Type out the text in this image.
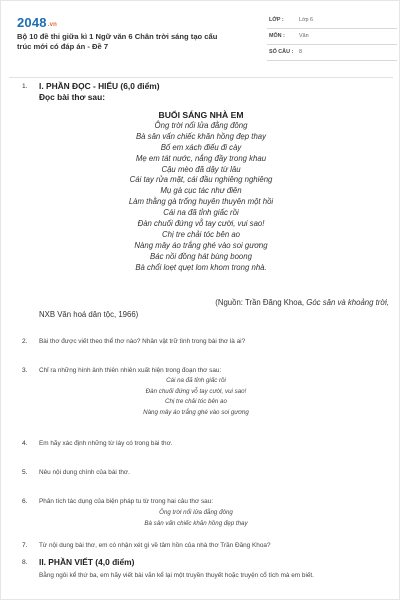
2048.vn
Bộ 10 đề thi giữa kì 1 Ngữ văn 6 Chân trời sáng tạo cấu trúc mới có đáp án - Đề 7
LỚP :	Lớp 6
MÔN :	Văn
SỐ CÂU : 8
1. I. PHẦN ĐỌC - HIỂU (6,0 điểm)
Đọc bài thơ sau:
BUỔI SÁNG NHÀ EM
Ông trời nổi lửa đằng đông
Bà sân vấn chiếc khăn hồng đẹp thay
Bố em xách điếu đi cày
Mẹ em tát nước, nắng đầy trong khau
Cậu mèo đã dậy từ lâu
Cái tay rửa mặt, cái đầu nghiêng nghiêng
Mụ gà cục tác như điên
Làm thằng gà trống huyên thuyên một hồi
Cái na đã tỉnh giấc rồi
Đàn chuối đứng vỗ tay cười, vui sao!
Chị tre chải tóc bên ao
Nàng mây áo trắng ghé vào soi gương
Bác nồi đồng hát bùng boong
Bà chổi loẹt quẹt lom khom trong nhà.
(Nguồn: Trần Đăng Khoa, Góc sân và khoảng trời,
NXB Văn hoá dân tộc, 1966)
2. Bài thơ được viết theo thể thơ nào? Nhân vật trữ tình trong bài thơ là ai?
3. Chỉ ra những hình ảnh thiên nhiên xuất hiện trong đoạn thơ sau:
Cái na đã tỉnh giấc rồi
Đàn chuối đứng vỗ tay cười, vui sao!
Chị tre chải tóc bên ao
Nàng mây áo trắng ghé vào soi gương
4. Em hãy xác định những từ láy có trong bài thơ.
5. Nêu nội dung chính của bài thơ.
6. Phân tích tác dụng của biện pháp tu từ trong hai câu thơ sau:
Ông trời nổi lửa đằng đông
Bà sân vấn chiếc khăn hồng đẹp thay
7. Từ nội dung bài thơ, em có nhận xét gì về tâm hồn của nhà thơ Trần Đăng Khoa?
8. II. PHẦN VIẾT (4,0 điểm)
Bằng ngôi kể thứ ba, em hãy viết bài văn kể lại một truyền thuyết hoặc truyện cổ tích mà em biết.
